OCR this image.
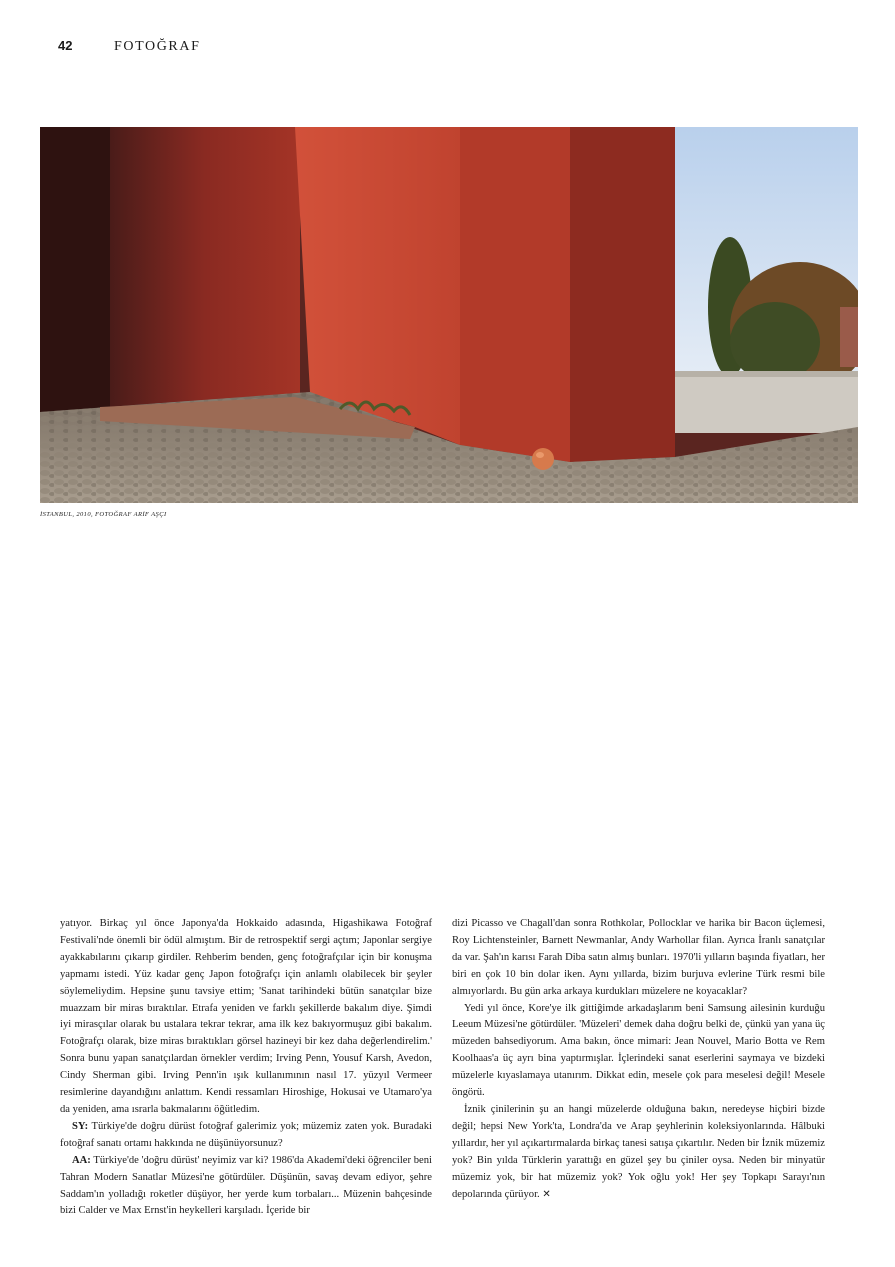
42	FOTOĞRAF
İSTANBUL, 2010, FOTOĞRAF ARİF AŞÇI

yatıyor. Birkaç yıl önce Japonya'da Hokkaido adasında, Higashikawa Fotoğraf Festivali'nde önemli bir ödül almıştım. Bir de retrospektif sergi açtım; Japonlar sergiye ayakkabılarını çıkarıp girdiler. Rehberim benden, genç fotoğrafçılar için bir konuşma yapmamı istedi. Yüz kadar genç Japon fotoğrafçı için anlamlı olabilecek bir şeyler söylemeliydim. Hepsine şunu tavsiye ettim; 'Sanat tarihindeki bütün sanatçılar bize muazzam bir miras bıraktılar. Etrafa yeniden ve farklı şekillerde bakalım diye. Şimdi iyi mirasçılar olarak bu ustalara tekrar tekrar, ama ilk kez bakıyormuşuz gibi bakalım. Fotoğrafçı olarak, bize miras bıraktıkları görsel hazineyi bir kez daha değerlendirelim.' Sonra bunu yapan sanatçılardan örnekler verdim; Irving Penn, Yousuf Karsh, Avedon, Cindy Sherman gibi. Irving Penn'in ışık kullanımının nasıl 17. yüzyıl Vermeer resimlerine dayandığını anlattım. Kendi ressamları Hiroshige, Hokusai ve Utamaro'ya da yeniden, ama ısrarla bakmalarını öğütledim.

SY: Türkiye'de doğru dürüst fotoğraf galerimiz yok; müzemiz zaten yok. Buradaki fotoğraf sanatı ortamı hakkında ne düşünüyorsunuz?

AA: Türkiye'de 'doğru dürüst' neyimiz var ki? 1986'da Akademi'deki öğrenciler beni Tahran Modern Sanatlar Müzesi'ne götürdüler. Düşünün, savaş devam ediyor, şehre Saddam'ın yolladığı roketler düşüyor, her yerde kum torbaları... Müzenin bahçesinde bizi Calder ve Max Ernst'in heykelleri karşıladı. İçeride bir

dizi Picasso ve Chagall'dan sonra Rothkolar, Pollocklar ve harika bir Bacon üçlemesi, Roy Lichtensteinler, Barnett Newmanlar, Andy Warhollar filan. Ayrıca İranlı sanatçılar da var. Şah'ın karısı Farah Diba satın almış bunları. 1970'li yılların başında fiyatları, her biri en çok 10 bin dolar iken. Aynı yıllarda, bizim burjuva evlerine Türk resmi bile almıyorlardı. Bu gün arka arkaya kurdukları müzelere ne koyacaklar?

Yedi yıl önce, Kore'ye ilk gittiğimde arkadaşlarım beni Samsung ailesinin kurduğu Leeum Müzesi'ne götürdüler. 'Müzeleri' demek daha doğru belki de, çünkü yan yana üç müzeden bahsediyorum. Ama bakın, önce mimari: Jean Nouvel, Mario Botta ve Rem Koolhaas'a üç ayrı bina yaptırmışlar. İçlerindeki sanat eserlerini saymaya ve bizdeki müzelerle kıyaslamaya utanırım. Dikkat edin, mesele çok para meselesi değil! Mesele öngörü.

İznik çinilerinin şu an hangi müzelerde olduğuna bakın, neredeyse hiçbiri bizde değil; hepsi New York'ta, Londra'da ve Arap şeyhlerinin koleksiyonlarında. Hâlbuki yıllardır, her yıl açıkartırmalarda birkaç tanesi satışa çıkartılır. Neden bir İznik müzemiz yok? Bin yılda Türklerin yarattığı en güzel şey bu çiniler oysa. Neden bir minyatür müzemiz yok, bir hat müzemiz yok? Yok oğlu yok! Her şey Topkapı Sarayı'nın depolarında çürüyor. ✕
